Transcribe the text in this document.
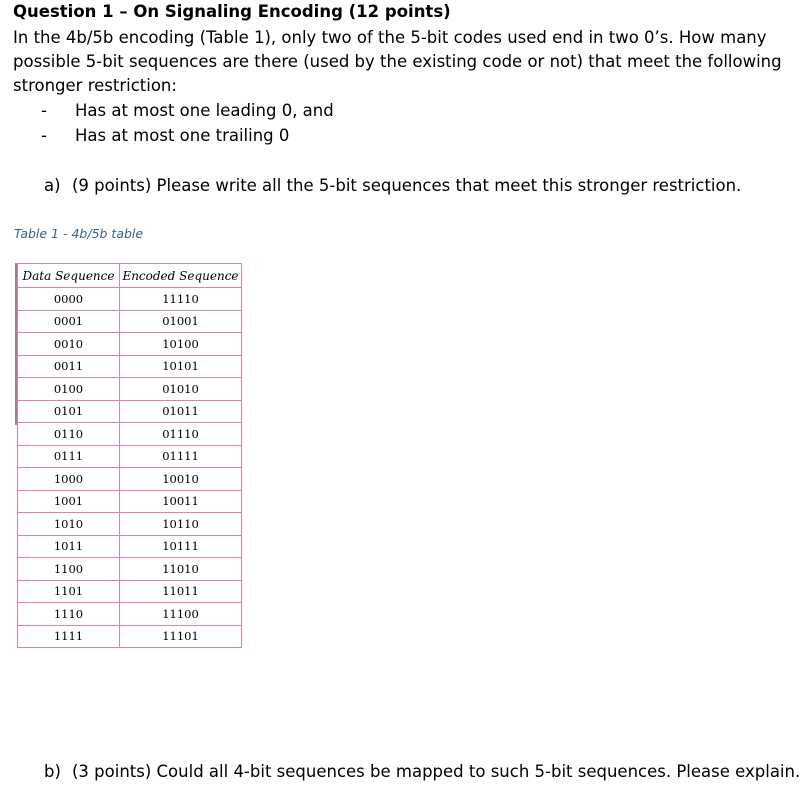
Question 1 – On Signaling Encoding (12 points)

In the 4b/5b encoding (Table 1), only two of the 5-bit codes used end in two 0’s. How many possible 5-bit sequences are there (used by the existing code or not) that meet the following stronger restriction:

- Has at most one leading 0, and
- Has at most one trailing 0
a) (9 points) Please write all the 5-bit sequences that meet this stronger restriction.
Table 1 - 4b/5b table
Data Sequence	Encoded Sequence
0000	11110
0001	01001
0010	10100
0011	10101
0100	01010
0101	01011
0110	01110
0111	01111
1000	10010
1001	10011
1010	10110
1011	10111
1100	11010
1101	11011
1110	11100
1111	11101
b) (3 points) Could all 4-bit sequences be mapped to such 5-bit sequences. Please explain.
